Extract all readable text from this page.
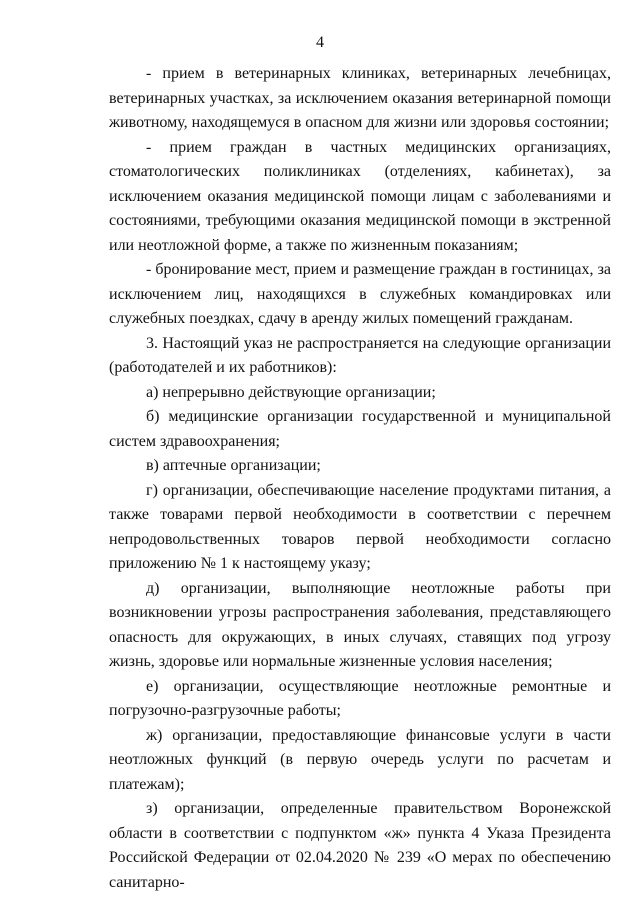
4

- прием в ветеринарных клиниках, ветеринарных лечебницах, ветеринарных участках, за исключением оказания ветеринарной помощи животному, находящемуся в опасном для жизни или здоровья состоянии;

- прием граждан в частных медицинских организациях, стоматологических поликлиниках (отделениях, кабинетах), за исключением оказания медицинской помощи лицам с заболеваниями и состояниями, требующими оказания медицинской помощи в экстренной или неотложной форме, а также по жизненным показаниям;

- бронирование мест, прием и размещение граждан в гостиницах, за исключением лиц, находящихся в служебных командировках или служебных поездках, сдачу в аренду жилых помещений гражданам.

3. Настоящий указ не распространяется на следующие организации (работодателей и их работников):

а) непрерывно действующие организации;

б) медицинские организации государственной и муниципальной систем здравоохранения;

в) аптечные организации;

г) организации, обеспечивающие население продуктами питания, а также товарами первой необходимости в соответствии с перечнем непродовольственных товаров первой необходимости согласно приложению № 1 к настоящему указу;

д) организации, выполняющие неотложные работы при возникновении угрозы распространения заболевания, представляющего опасность для окружающих, в иных случаях, ставящих под угрозу жизнь, здоровье или нормальные жизненные условия населения;

е) организации, осуществляющие неотложные ремонтные и погрузочно-разгрузочные работы;

ж) организации, предоставляющие финансовые услуги в части неотложных функций (в первую очередь услуги по расчетам и платежам);

з) организации, определенные правительством Воронежской области в соответствии с подпунктом «ж» пункта 4 Указа Президента Российской Федерации от 02.04.2020 № 239 «О мерах по обеспечению санитарно-
